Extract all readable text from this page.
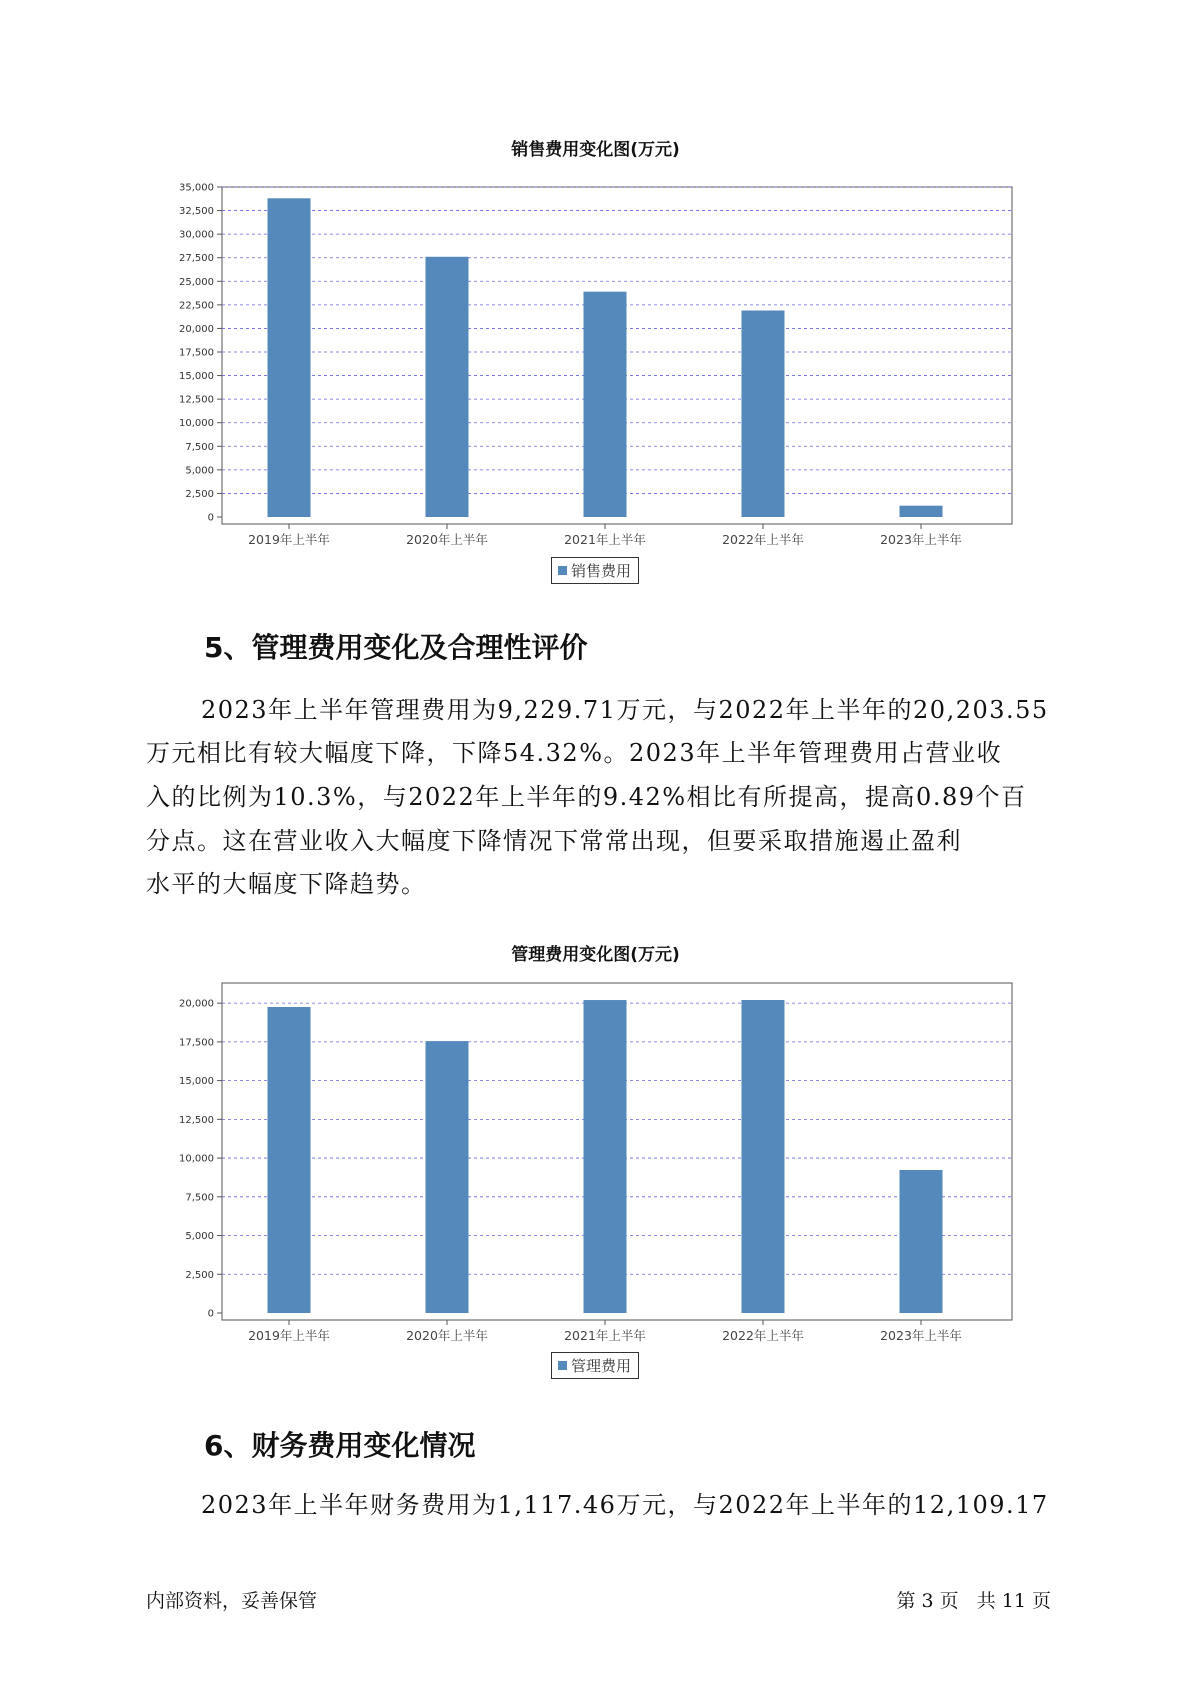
销售费用变化图(万元)
0
2,500
5,000
7,500
10,000
12,500
15,000
17,500
20,000
22,500
25,000
27,500
30,000
32,500
35,000
2019年上半年	2020年上半年	2021年上半年	2022年上半年	2023年上半年
销售费用
5、管理费用变化及合理性评价
2023年上半年管理费用为9,229.71万元，与2022年上半年的20,203.55
万元相比有较大幅度下降，下降54.32%。2023年上半年管理费用占营业收
入的比例为10.3%，与2022年上半年的9.42%相比有所提高，提高0.89个百
分点。这在营业收入大幅度下降情况下常常出现，但要采取措施遏止盈利
水平的大幅度下降趋势。
管理费用变化图(万元)
0
2,500
5,000
7,500
10,000
12,500
15,000
17,500
20,000
2019年上半年	2020年上半年	2021年上半年	2022年上半年	2023年上半年
管理费用
6、财务费用变化情况
2023年上半年财务费用为1,117.46万元，与2022年上半年的12,109.17
内部资料，妥善保管	第 3 页   共 11 页
